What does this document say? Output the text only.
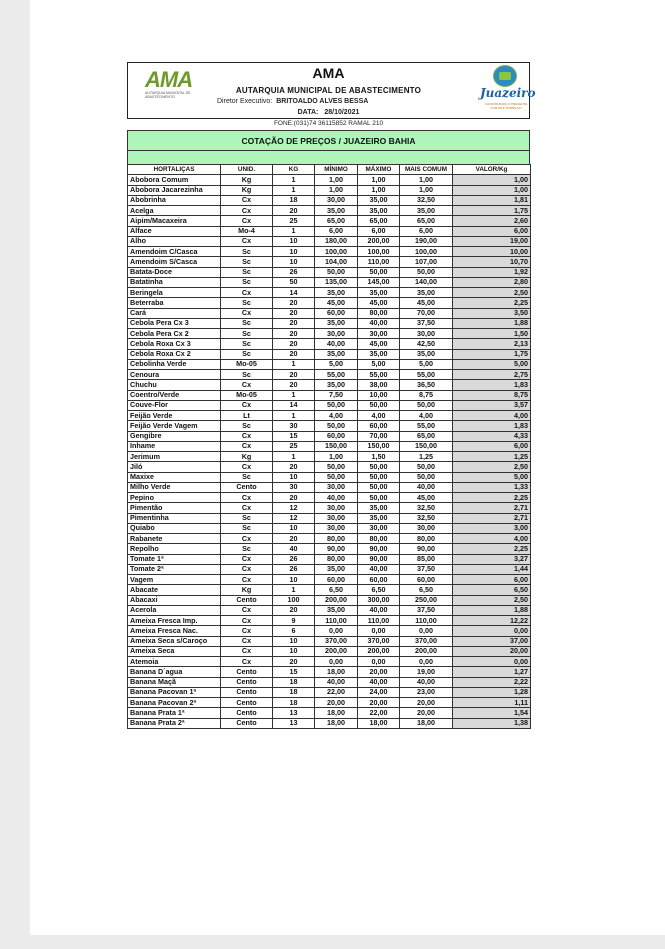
AMA
AUTARQUIA MUNICIPAL DE ABASTECIMENTO
AMA
AUTARQUIA MUNICIPAL DE ABASTECIMENTO
Diretor Executivo: BRITOALDO ALVES BESSA
DATA: 28/10/2021
Juazeiro
CONSTRUINDO O PRESENTE COM FÉ E TRABALHO
FONE:(031)74 36115852 RAMAL 210
COTAÇÃO DE PREÇOS / JUAZEIRO BAHIA
HORTALIÇAS	UNID.	KG	MÍNIMO	MÁXIMO	MAIS COMUM	VALOR/Kg
Abobora Comum	Kg	1	1,00	1,00	1,00	1,00
Abobora Jacarezinha	Kg	1	1,00	1,00	1,00	1,00
Abobrinha	Cx	18	30,00	35,00	32,50	1,81
Acelga	Cx	20	35,00	35,00	35,00	1,75
Aipim/Macaxeira	Cx	25	65,00	65,00	65,00	2,60
Alface	Mo-4	1	6,00	6,00	6,00	6,00
Alho	Cx	10	180,00	200,00	190,00	19,00
Amendoim C/Casca	Sc	10	100,00	100,00	100,00	10,00
Amendoim S/Casca	Sc	10	104,00	110,00	107,00	10,70
Batata-Doce	Sc	26	50,00	50,00	50,00	1,92
Batatinha	Sc	50	135,00	145,00	140,00	2,80
Beringela	Cx	14	35,00	35,00	35,00	2,50
Beterraba	Sc	20	45,00	45,00	45,00	2,25
Cará	Cx	20	60,00	80,00	70,00	3,50
Cebola Pera Cx 3	Sc	20	35,00	40,00	37,50	1,88
Cebola Pera Cx 2	Sc	20	30,00	30,00	30,00	1,50
Cebola Roxa Cx 3	Sc	20	40,00	45,00	42,50	2,13
Cebola Roxa Cx 2	Sc	20	35,00	35,00	35,00	1,75
Cebolinha Verde	Mo-05	1	5,00	5,00	5,00	5,00
Cenoura	Sc	20	55,00	55,00	55,00	2,75
Chuchu	Cx	20	35,00	38,00	36,50	1,83
Coentro/Verde	Mo-05	1	7,50	10,00	8,75	8,75
Couve-Flor	Cx	14	50,00	50,00	50,00	3,57
Feijão Verde	Lt	1	4,00	4,00	4,00	4,00
Feijão Verde Vagem	Sc	30	50,00	60,00	55,00	1,83
Gengibre	Cx	15	60,00	70,00	65,00	4,33
Inhame	Cx	25	150,00	150,00	150,00	6,00
Jerimum	Kg	1	1,00	1,50	1,25	1,25
Jiló	Cx	20	50,00	50,00	50,00	2,50
Maxixe	Sc	10	50,00	50,00	50,00	5,00
Milho Verde	Cento	30	30,00	50,00	40,00	1,33
Pepino	Cx	20	40,00	50,00	45,00	2,25
Pimentão	Cx	12	30,00	35,00	32,50	2,71
Pimentinha	Sc	12	30,00	35,00	32,50	2,71
Quiabo	Sc	10	30,00	30,00	30,00	3,00
Rabanete	Cx	20	80,00	80,00	80,00	4,00
Repolho	Sc	40	90,00	90,00	90,00	2,25
Tomate 1ª	Cx	26	80,00	90,00	85,00	3,27
Tomate 2ª	Cx	26	35,00	40,00	37,50	1,44
Vagem	Cx	10	60,00	60,00	60,00	6,00
Abacate	Kg	1	6,50	6,50	6,50	6,50
Abacaxi	Cento	100	200,00	300,00	250,00	2,50
Acerola	Cx	20	35,00	40,00	37,50	1,88
Ameixa Fresca Imp.	Cx	9	110,00	110,00	110,00	12,22
Ameixa Fresca Nac.	Cx	6	0,00	0,00	0,00	0,00
Ameixa Seca s/Caroço	Cx	10	370,00	370,00	370,00	37,00
Ameixa Seca	Cx	10	200,00	200,00	200,00	20,00
Atemoia	Cx	20	0,00	0,00	0,00	0,00
Banana D´agua	Cento	15	18,00	20,00	19,00	1,27
Banana Maçã	Cento	18	40,00	40,00	40,00	2,22
Banana Pacovan 1ª	Cento	18	22,00	24,00	23,00	1,28
Banana Pacovan 2ª	Cento	18	20,00	20,00	20,00	1,11
Banana Prata 1ª	Cento	13	18,00	22,00	20,00	1,54
Banana Prata 2ª	Cento	13	18,00	18,00	18,00	1,38
